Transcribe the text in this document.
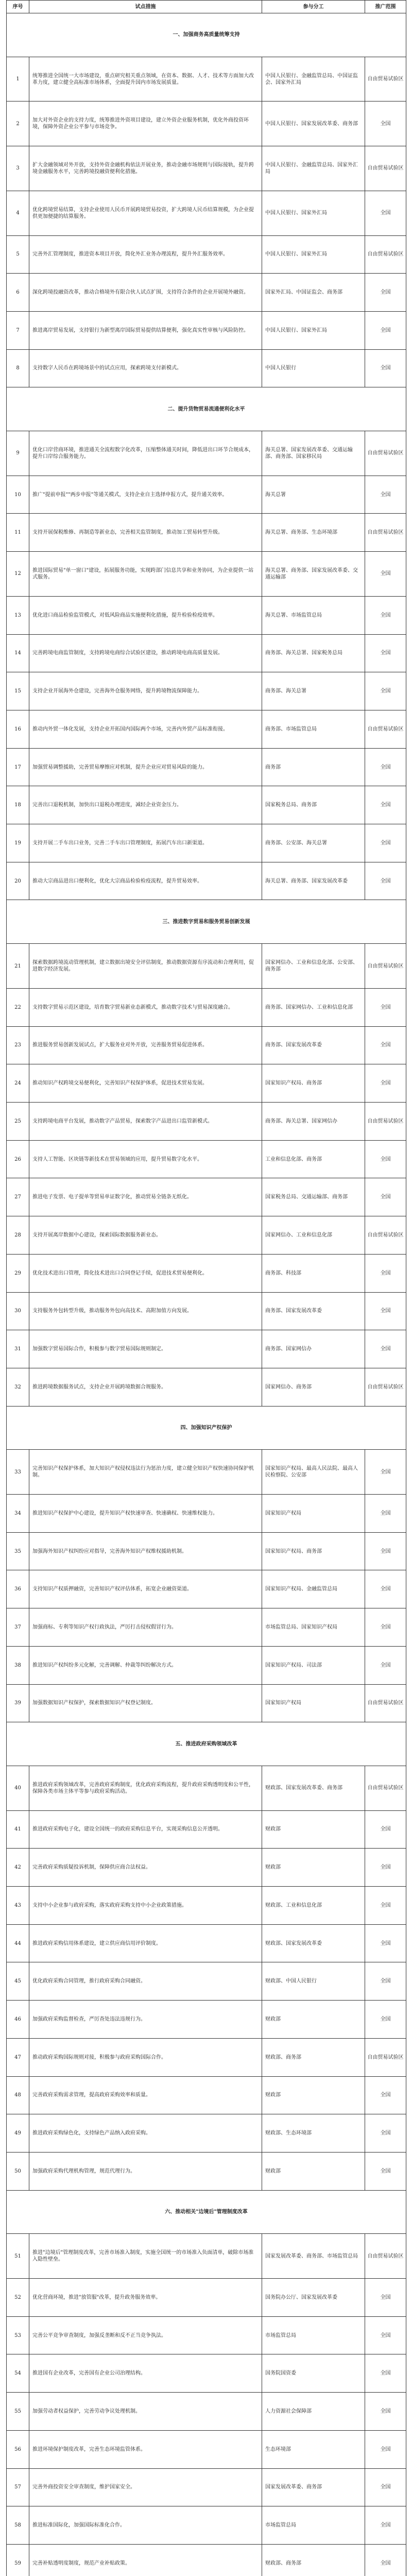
序号	试点措施	参与分工	推广范围
一、加强商务高质量统筹支持			
1	统筹推进全国统一大市场建设，重点研究相关重点领域，在资本、数据、人才、技术等方面加大改革力度，建立健全高标准市场体系，全面提升国内市场发展质量。	中国人民银行、金融监管总局、中国证监会、国家外汇局	自由贸易试验区
2	加大对外资企业的支持力度，统筹推进外资项目建设，建立外资企业服务机制，优化外商投资环境，保障外资企业公平参与市场竞争。	中国人民银行、国家发展改革委、商务部	全国
3	扩大金融领域对外开放，支持外资金融机构依法开展业务，推动金融市场规则与国际接轨，提升跨境金融服务水平，完善跨境投融资便利化措施。	中国人民银行、金融监管总局、国家外汇局	自由贸易试验区
4	优化跨境贸易结算，支持企业使用人民币开展跨境贸易投资，扩大跨境人民币结算规模，为企业提供更加便捷的结算服务。	中国人民银行、国家外汇局	全国
5	完善外汇管理制度，推进资本项目开放，简化外汇业务办理流程，提升外汇服务效率。	中国人民银行、国家外汇局	自由贸易试验区
6	深化跨境投融资改革，推动合格境外有限合伙人试点扩围，支持符合条件的企业开展境外融资。	国家外汇局、中国证监会、商务部	全国
7	推进离岸贸易发展，支持银行为新型离岸国际贸易提供结算便利，强化真实性审核与风险防控。	中国人民银行、国家外汇局	全国
8	支持数字人民币在跨境场景中的试点应用，探索跨境支付新模式。	中国人民银行	全国
二、提升货物贸易流通便利化水平			
9	优化口岸营商环境，推进通关全流程数字化改革，压缩整体通关时间，降低进出口环节合规成本，提升口岸综合服务能力。	海关总署、国家发展改革委、交通运输部、商务部、国家移民局	自由贸易试验区
10	推广"提前申报""两步申报"等通关模式，支持企业自主选择申报方式，提升通关效率。	海关总署	全国
11	支持开展保税维修、再制造等新业态，完善相关监管制度，推动加工贸易转型升级。	海关总署、商务部、生态环境部	自由贸易试验区
12	推进国际贸易"单一窗口"建设，拓展服务功能，实现跨部门信息共享和业务协同，为企业提供一站式服务。	海关总署、商务部、国家发展改革委、交通运输部	全国
13	优化进口商品检验监管模式，对低风险商品实施便利化措施，提升检验检疫效率。	海关总署、市场监管总局	全国
14	完善跨境电商监管制度，支持跨境电商综合试验区建设，推动跨境电商高质量发展。	商务部、海关总署、国家税务总局	全国
15	支持企业开展海外仓建设，完善海外仓服务网络，提升跨境物流保障能力。	商务部、海关总署	全国
16	推动内外贸一体化发展，支持企业开拓国内国际两个市场，完善内外贸产品标准衔接。	商务部、市场监管总局	自由贸易试验区
17	加强贸易调整援助，完善贸易摩擦应对机制，提升企业应对贸易风险的能力。	商务部	全国
18	完善出口退税机制，加快出口退税办理进度，减轻企业资金压力。	国家税务总局、商务部	全国
19	支持开展二手车出口业务，完善二手车出口管理制度，拓展汽车出口新渠道。	商务部、公安部、海关总署	全国
20	推动大宗商品进出口便利化，优化大宗商品检验检疫流程，提升贸易效率。	海关总署、商务部、国家发展改革委	全国
三、推进数字贸易和服务贸易创新发展			
21	探索数据跨境流动管理机制，建立数据出境安全评估制度，推动数据资源有序流动和合理利用，促进数字经济发展。	国家网信办、工业和信息化部、公安部、商务部	自由贸易试验区
22	支持数字贸易示范区建设，培育数字贸易新业态新模式，推动数字技术与贸易深度融合。	商务部、国家网信办、工业和信息化部	全国
23	推进服务贸易创新发展试点，扩大服务业对外开放，完善服务贸易促进体系。	商务部、国家发展改革委	全国
24	推动知识产权跨境交易便利化，完善知识产权保护体系，促进技术贸易发展。	国家知识产权局、商务部	全国
25	支持跨境电商平台发展，推动数字产品贸易，探索数字产品进出口监管新模式。	商务部、海关总署、国家网信办	自由贸易试验区
26	支持人工智能、区块链等新技术在贸易领域的应用，提升贸易数字化水平。	工业和信息化部、商务部	全国
27	推进电子发票、电子提单等贸易单证数字化，推动贸易全链条无纸化。	国家税务总局、交通运输部、商务部	全国
28	支持开展离岸数据中心建设，探索国际数据服务新业态。	国家网信办、工业和信息化部	自由贸易试验区
29	优化技术进出口管理，简化技术进出口合同登记手续，促进技术贸易便利化。	商务部、科技部	全国
30	支持服务外包转型升级，推动服务外包向高技术、高附加值方向发展。	商务部、国家发展改革委	全国
31	加强数字贸易国际合作，积极参与数字贸易国际规则制定。	商务部、国家网信办	全国
32	推进跨境数据服务试点，支持企业开展跨境数据合规服务。	国家网信办、商务部	自由贸易试验区
四、加强知识产权保护			
33	完善知识产权保护体系，加大知识产权侵权违法行为惩治力度，建立健全知识产权快速协同保护机制。	国家知识产权局、最高人民法院、最高人民检察院、公安部	全国
34	推进知识产权保护中心建设，提升知识产权快速审查、快速确权、快速维权能力。	国家知识产权局	全国
35	加强海外知识产权纠纷应对指导，完善海外知识产权维权援助机制。	国家知识产权局、商务部	全国
36	支持知识产权质押融资，完善知识产权评估体系，拓宽企业融资渠道。	国家知识产权局、金融监管总局	全国
37	加强商标、专利等知识产权行政执法，严厉打击侵权假冒行为。	市场监管总局、国家知识产权局	全国
38	推进知识产权纠纷多元化解，完善调解、仲裁等纠纷解决方式。	国家知识产权局、司法部	全国
39	加强数据知识产权保护，探索数据知识产权登记制度。	国家知识产权局	自由贸易试验区
五、推进政府采购领域改革			
40	推进政府采购领域改革，完善政府采购制度，优化政府采购流程，提升政府采购透明度和公平性，保障各类市场主体平等参与政府采购活动。	财政部、国家发展改革委、商务部	自由贸易试验区
41	推进政府采购电子化，建设全国统一的政府采购信息平台，实现采购信息公开透明。	财政部	全国
42	完善政府采购质疑投诉机制，保障供应商合法权益。	财政部	全国
43	支持中小企业参与政府采购，落实政府采购支持中小企业政策措施。	财政部、工业和信息化部	全国
44	推进政府采购信用体系建设，建立供应商信用评价制度。	财政部、国家发展改革委	全国
45	优化政府采购合同管理，推行政府采购合同融资。	财政部、中国人民银行	全国
46	加强政府采购监督检查，严厉查处违法违规行为。	财政部	全国
47	推动政府采购国际规则对接，积极参与政府采购国际合作。	财政部、商务部	自由贸易试验区
48	完善政府采购需求管理，提高政府采购效率和质量。	财政部	全国
49	推进政府采购绿色化，支持绿色产品纳入政府采购。	财政部、生态环境部	全国
50	加强政府采购代理机构管理，规范代理行为。	财政部	全国
六、推动相关"边境后"管理制度改革			
51	推进"边境后"管理制度改革，完善市场准入制度，实施全国统一的市场准入负面清单，破除市场准入隐性壁垒。	国家发展改革委、商务部、市场监管总局	自由贸易试验区
52	优化营商环境，推进"放管服"改革，提升政务服务效率。	国务院办公厅、国家发展改革委	全国
53	完善公平竞争审查制度，加强反垄断和反不正当竞争执法。	市场监管总局	全国
54	推进国有企业改革，完善国有企业公司治理结构。	国务院国资委	全国
55	加强劳动者权益保护，完善劳动争议处理机制。	人力资源社会保障部	全国
56	推进环境保护制度改革，完善生态环境监管体系。	生态环境部	全国
57	完善外商投资安全审查制度，维护国家安全。	国家发展改革委、商务部	全国
58	推进标准国际化，加强国际标准化合作。	市场监管总局	全国
59	完善补贴透明度制度，规范产业补贴政策。	财政部、商务部	全国
